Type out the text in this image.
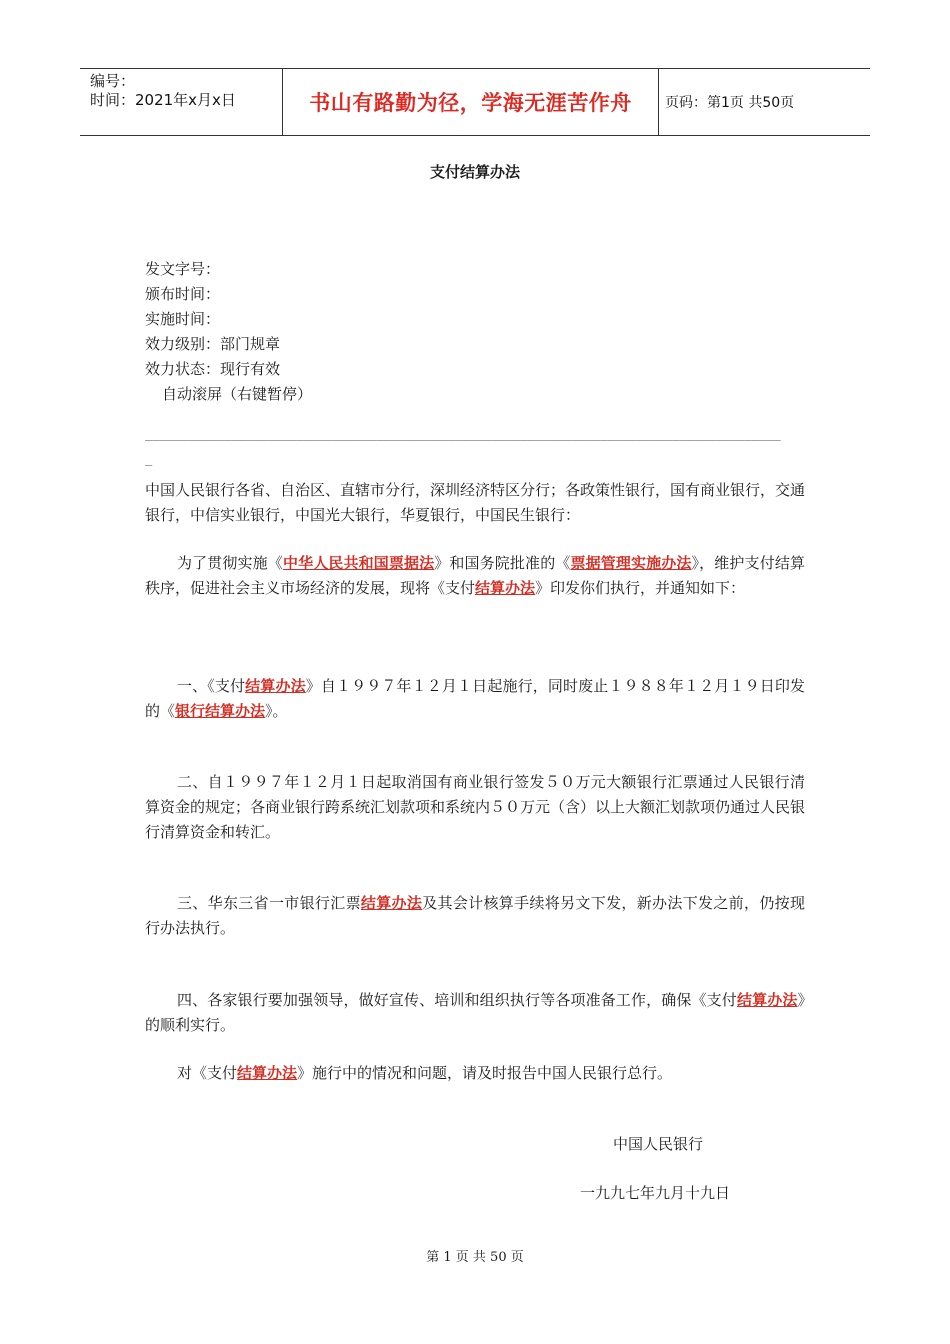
编号：
时间：2021年x月x日	书山有路勤为径，学海无涯苦作舟	页码：第1页 共50页
支付结算办法
发文字号：
颁布时间：
实施时间：
效力级别：部门规章
效力状态：现行有效
自动滚屏（右键暂停）
________________________________________________________________________________________
_
中国人民银行各省、自治区、直辖市分行，深圳经济特区分行；各政策性银行，国有商业银行，交通银行，中信实业银行，中国光大银行，华夏银行，中国民生银行：
为了贯彻实施《中华人民共和国票据法》和国务院批准的《票据管理实施办法》，维护支付结算秩序，促进社会主义市场经济的发展，现将《支付结算办法》印发你们执行，并通知如下：
一、《支付结算办法》自１９９７年１２月１日起施行，同时废止１９８８年１２月１９日印发的《银行结算办法》。
二、自１９９７年１２月１日起取消国有商业银行签发５０万元大额银行汇票通过人民银行清算资金的规定；各商业银行跨系统汇划款项和系统内５０万元（含）以上大额汇划款项仍通过人民银行清算资金和转汇。
三、华东三省一市银行汇票结算办法及其会计核算手续将另文下发，新办法下发之前，仍按现行办法执行。
四、各家银行要加强领导，做好宣传、培训和组织执行等各项准备工作，确保《支付结算办法》的顺利实行。
对《支付结算办法》施行中的情况和问题，请及时报告中国人民银行总行。
中国人民银行
一九九七年九月十九日
第 1 页 共 50 页
